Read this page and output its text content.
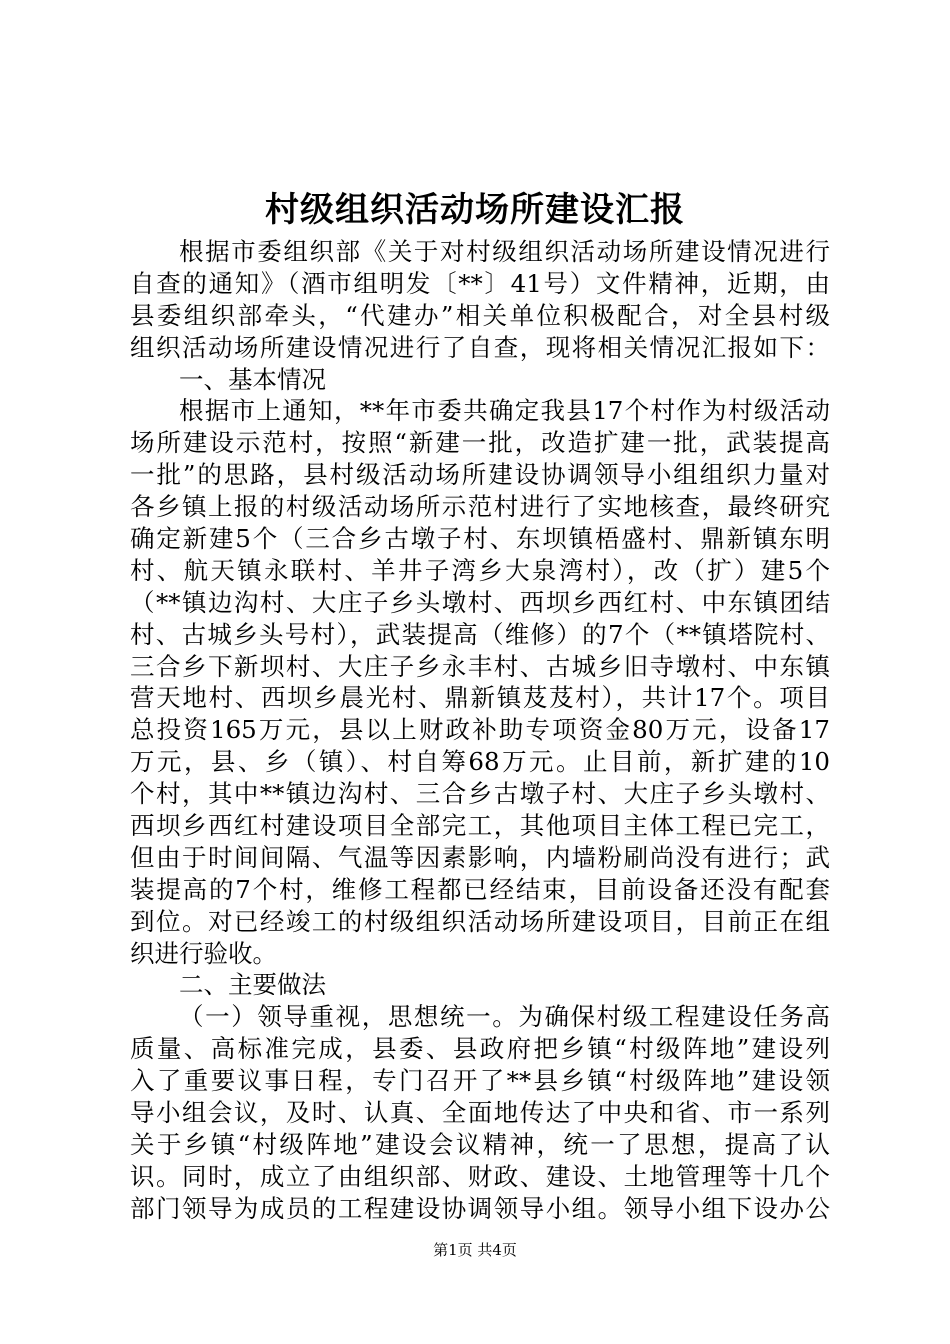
村级组织活动场所建设汇报
根据市委组织部《关于对村级组织活动场所建设情况进行
自查的通知》（酒市组明发〔**〕41号）文件精神，近期，由
县委组织部牵头，“代建办”相关单位积极配合，对全县村级
组织活动场所建设情况进行了自查，现将相关情况汇报如下：
一、基本情况
根据市上通知，**年市委共确定我县17个村作为村级活动
场所建设示范村，按照“新建一批，改造扩建一批，武装提高
一批”的思路，县村级活动场所建设协调领导小组组织力量对
各乡镇上报的村级活动场所示范村进行了实地核查，最终研究
确定新建5个（三合乡古墩子村、东坝镇梧盛村、鼎新镇东明
村、航天镇永联村、羊井子湾乡大泉湾村），改（扩）建5个
（**镇边沟村、大庄子乡头墩村、西坝乡西红村、中东镇团结
村、古城乡头号村），武装提高（维修）的7个（**镇塔院村、
三合乡下新坝村、大庄子乡永丰村、古城乡旧寺墩村、中东镇
营天地村、西坝乡晨光村、鼎新镇芨芨村），共计17个。项目
总投资165万元，县以上财政补助专项资金80万元，设备17
万元，县、乡（镇）、村自筹68万元。止目前，新扩建的10
个村，其中**镇边沟村、三合乡古墩子村、大庄子乡头墩村、
西坝乡西红村建设项目全部完工，其他项目主体工程已完工，
但由于时间间隔、气温等因素影响，内墙粉刷尚没有进行；武
装提高的7个村，维修工程都已经结束，目前设备还没有配套
到位。对已经竣工的村级组织活动场所建设项目，目前正在组
织进行验收。
二、主要做法
（一）领导重视，思想统一。为确保村级工程建设任务高
质量、高标准完成，县委、县政府把乡镇“村级阵地”建设列
入了重要议事日程，专门召开了**县乡镇“村级阵地”建设领
导小组会议，及时、认真、全面地传达了中央和省、市一系列
关于乡镇“村级阵地”建设会议精神，统一了思想，提高了认
识。同时，成立了由组织部、财政、建设、土地管理等十几个
部门领导为成员的工程建设协调领导小组。领导小组下设办公
第1页 共4页
